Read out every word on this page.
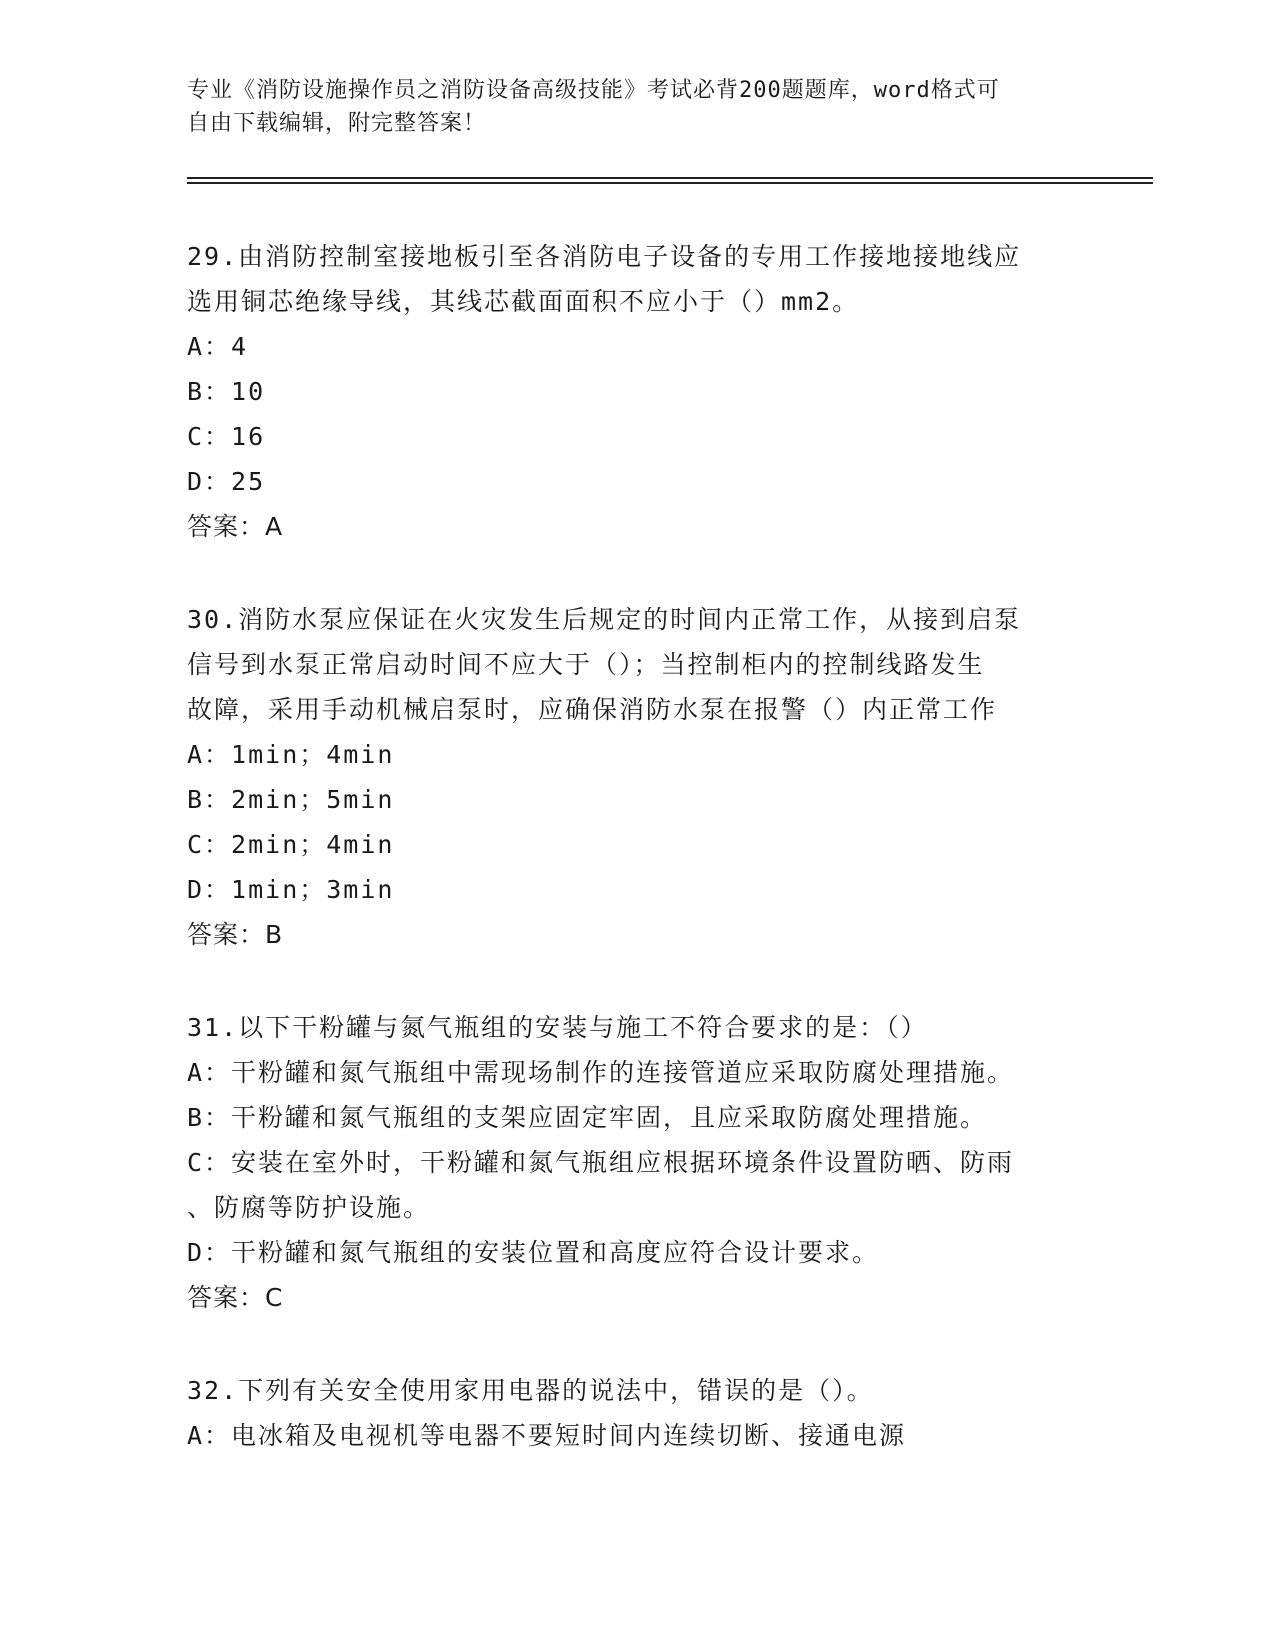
专业《消防设施操作员之消防设备高级技能》考试必背200题题库，word格式可
自由下载编辑，附完整答案！

29.由消防控制室接地板引至各消防电子设备的专用工作接地接地线应

选用铜芯绝缘导线，其线芯截面面积不应小于（）mm2。

A：4

B：10

C：16

D：25

答案：A

30.消防水泵应保证在火灾发生后规定的时间内正常工作，从接到启泵

信号到水泵正常启动时间不应大于（）；当控制柜内的控制线路发生

故障，采用手动机械启泵时，应确保消防水泵在报警（）内正常工作

A：1min；4min

B：2min；5min

C：2min；4min

D：1min；3min

答案：B

31.以下干粉罐与氮气瓶组的安装与施工不符合要求的是：（）

A：干粉罐和氮气瓶组中需现场制作的连接管道应采取防腐处理措施。

B：干粉罐和氮气瓶组的支架应固定牢固，且应采取防腐处理措施。

C：安装在室外时，干粉罐和氮气瓶组应根据环境条件设置防晒、防雨

、防腐等防护设施。

D：干粉罐和氮气瓶组的安装位置和高度应符合设计要求。

答案：C

32.下列有关安全使用家用电器的说法中，错误的是（）。

A：电冰箱及电视机等电器不要短时间内连续切断、接通电源
